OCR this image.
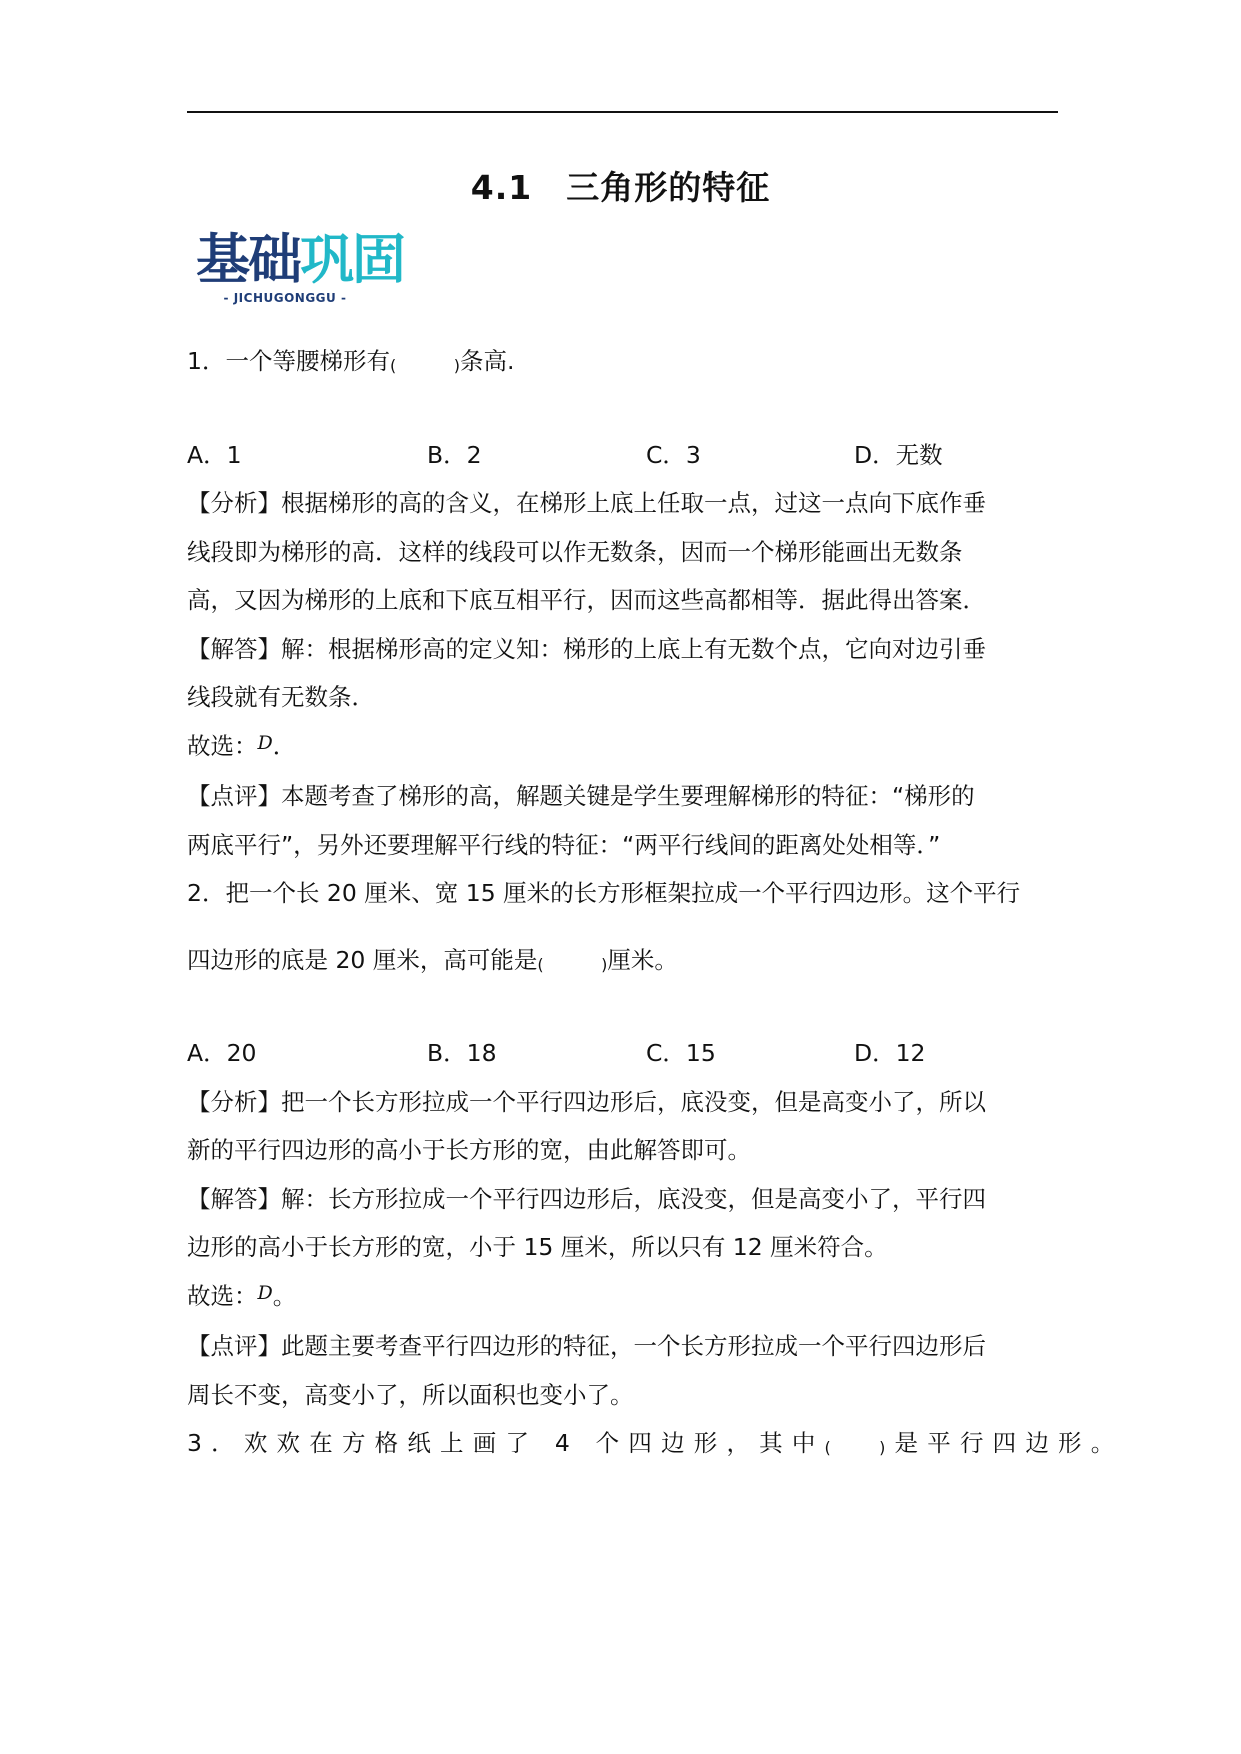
4.1　三角形的特征
基础巩固
- JICHUGONGGU -

1．一个等腰梯形有 ( )	条高.

A．1	B．2	C．3	D．无数

【分析】根据梯形的高的含义，在梯形上底上任取一点，过这一点向下底作垂

线段即为梯形的高．这样的线段可以作无数条，因而一个梯形能画出无数条

高，又因为梯形的上底和下底互相平行，因而这些高都相等．据此得出答案．

【解答】解：根据梯形高的定义知：梯形的上底上有无数个点，它向对边引垂

线段就有无数条．

故选：$^D$．

【点评】本题考查了梯形的高，解题关键是学生要理解梯形的特征：“梯形的

两底平行”，另外还要理解平行线的特征：“两平行线间的距离处处相等．”

2．把一个长 20 厘米、宽 15 厘米的长方形框架拉成一个平行四边形。这个平行

四边形的底是 20 厘米，高可能是 ( )	厘米。

A．20	B．18	C．15	D．12

【分析】把一个长方形拉成一个平行四边形后，底没变，但是高变小了，所以

新的平行四边形的高小于长方形的宽，由此解答即可。

【解答】解：长方形拉成一个平行四边形后，底没变，但是高变小了，平行四

边形的高小于长方形的宽，小于 15 厘米，所以只有 12 厘米符合。

故选：$^D$。

【点评】此题主要考查平行四边形的特征，一个长方形拉成一个平行四边形后

周长不变，高变小了，所以面积也变小了。

3．欢欢在方格纸上画了 4 个四边形，其中 ( )	是平行四边形。
